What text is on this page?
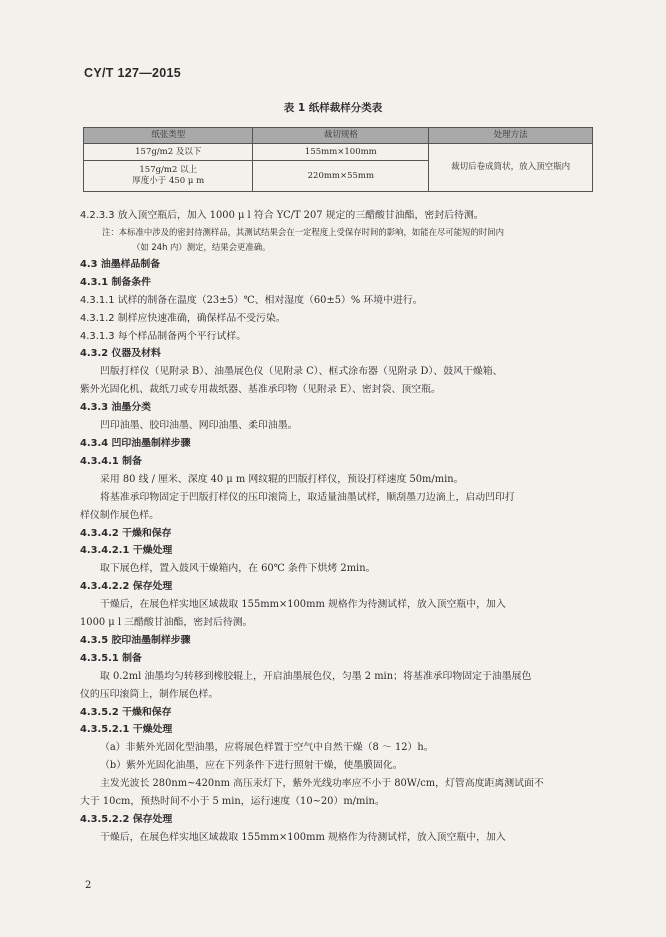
CY/T 127—2015
表 1 纸样裁样分类表
纸张类型	裁切规格	处理方法
157g/m2 及以下	155mm×100mm	裁切后卷成筒状，放入顶空瓶内

157g/m2 以上
厚度小于 450 μ m	220mm×55mm	

4.2.3.3 放入顶空瓶后，加入 1000 μ l 符合 YC/T 207 规定的三醋酸甘油酯，密封后待测。

注：本标准中涉及的密封待测样品，其测试结果会在一定程度上受保存时间的影响，如能在尽可能短的时间内

（如 24h 内）测定，结果会更准确。

4.3 油墨样品制备

4.3.1 制备条件

4.3.1.1 试样的制备在温度（23±5）℃、相对湿度（60±5）% 环境中进行。

4.3.1.2 制样应快速准确，确保样品不受污染。

4.3.1.3 每个样品制备两个平行试样。

4.3.2 仪器及材料

凹版打样仪（见附录 B）、油墨展色仪（见附录 C）、框式涂布器（见附录 D）、鼓风干燥箱、

紫外光固化机、裁纸刀或专用裁纸器、基准承印物（见附录 E）、密封袋、顶空瓶。

4.3.3 油墨分类

凹印油墨、胶印油墨、网印油墨、柔印油墨。

4.3.4 凹印油墨制样步骤

4.3.4.1 制备

采用 80 线 / 厘米、深度 40 μ m 网纹辊的凹版打样仪，预设打样速度 50m/min。

将基准承印物固定于凹版打样仪的压印滚筒上，取适量油墨试样，顺刮墨刀边滴上，启动凹印打

样仪制作展色样。

4.3.4.2 干燥和保存

4.3.4.2.1 干燥处理

取下展色样，置入鼓风干燥箱内，在 60℃ 条件下烘烤 2min。

4.3.4.2.2 保存处理

干燥后，在展色样实地区域裁取 155mm×100mm 规格作为待测试样，放入顶空瓶中，加入

1000 μ l 三醋酸甘油酯，密封后待测。

4.3.5 胶印油墨制样步骤

4.3.5.1 制备

取 0.2ml 油墨均匀转移到橡胶辊上，开启油墨展色仪，匀墨 2 min；将基准承印物固定于油墨展色

仪的压印滚筒上，制作展色样。

4.3.5.2 干燥和保存

4.3.5.2.1 干燥处理

（a）非紫外光固化型油墨，应将展色样置于空气中自然干燥（8 ～ 12）h。

（b）紫外光固化油墨，应在下列条件下进行照射干燥，使墨膜固化。

主发光波长 280nm~420nm 高压汞灯下，紫外光线功率应不小于 80W/cm，灯管高度距离测试面不

大于 10cm，预热时间不小于 5 min，运行速度（10~20）m/min。

4.3.5.2.2 保存处理

干燥后，在展色样实地区域裁取 155mm×100mm 规格作为待测试样，放入顶空瓶中，加入

2
